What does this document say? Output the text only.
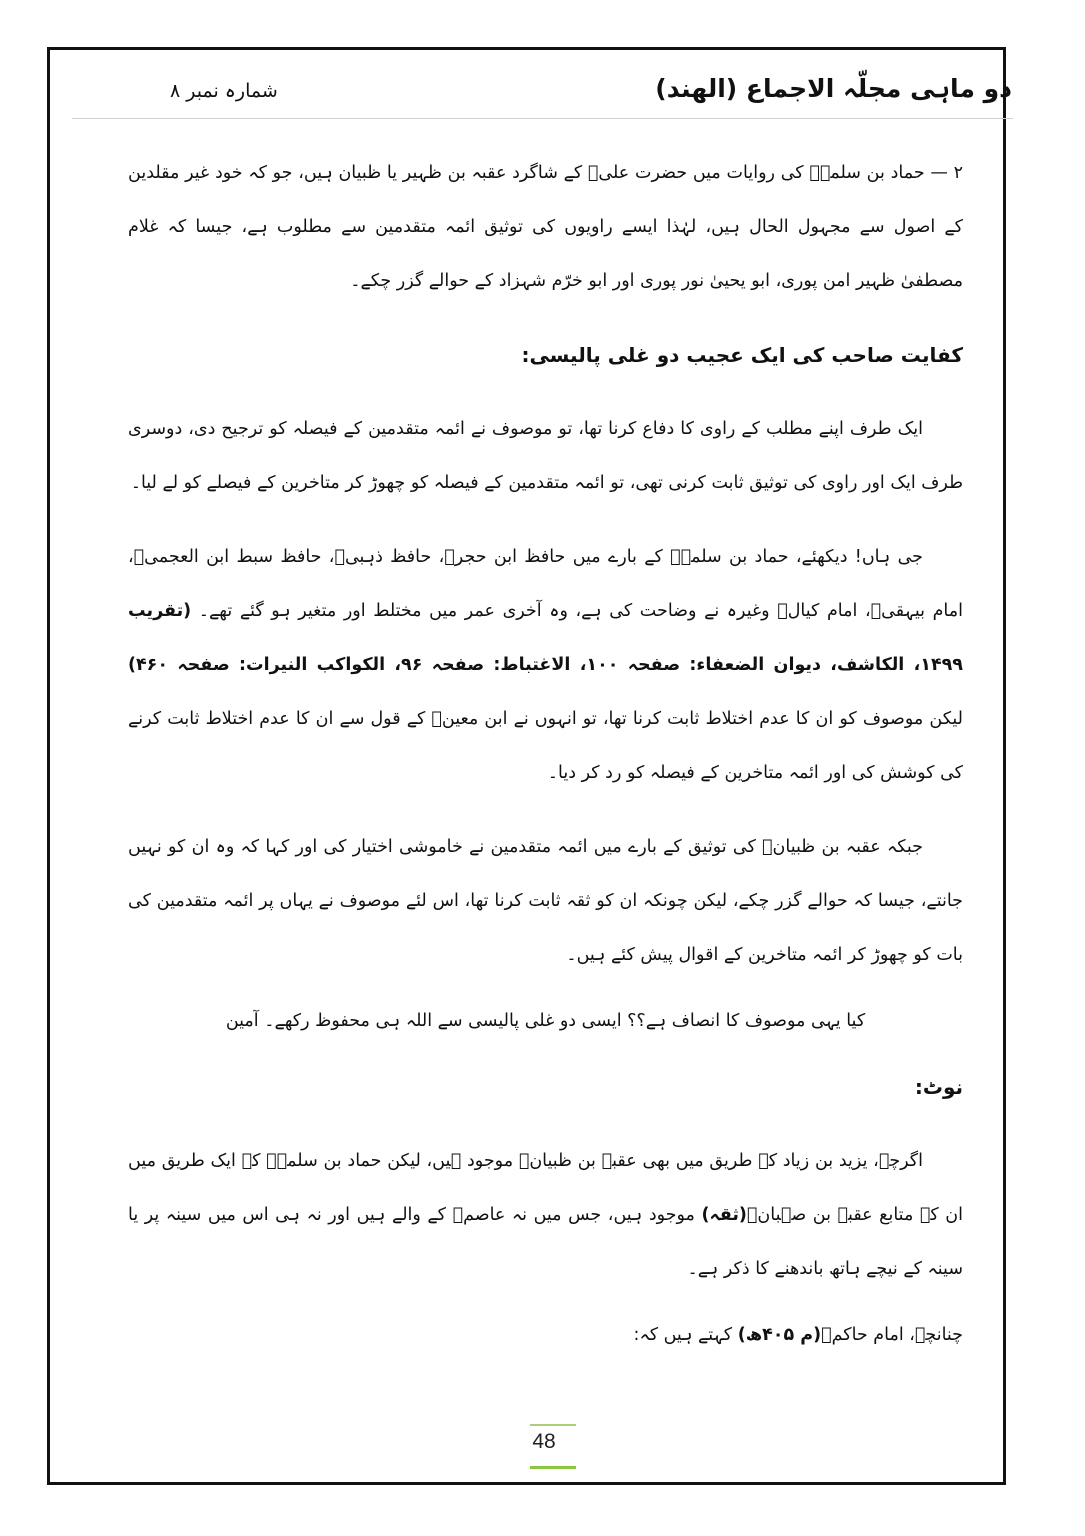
دو ماہی مجلّہ الاجماع (الھند)
شمارہ نمبر ۸

۲ — حماد بن سلمہؒ کی روایات میں حضرت علیؓ کے شاگرد عقبہ بن ظہیر یا ظبیان ہیں، جو کہ خود غیر مقلدین کے اصول سے مجہول الحال ہیں، لہٰذا ایسے راویوں کی توثیق ائمہ متقدمین سے مطلوب ہے، جیسا کہ غلام مصطفیٰ ظہیر امن پوری، ابو یحییٰ نور پوری اور ابو خرّم شہزاد کے حوالے گزر چکے۔

کفایت صاحب کی ایک عجیب دو غلی پالیسی:

ایک طرف اپنے مطلب کے راوی کا دفاع کرنا تھا، تو موصوف نے ائمہ متقدمین کے فیصلہ کو ترجیح دی، دوسری طرف ایک اور راوی کی توثیق ثابت کرنی تھی، تو ائمہ متقدمین کے فیصلہ کو چھوڑ کر متاخرین کے فیصلے کو لے لیا۔

جی ہاں! دیکھئے، حماد بن سلمہؒ کے بارے میں حافظ ابن حجرؒ، حافظ ذہبیؒ، حافظ سبط ابن العجمیؒ، امام بیہقیؒ، امام کیالؒ وغیرہ نے وضاحت کی ہے، وہ آخری عمر میں مختلط اور متغیر ہو گئے تھے۔ (تقریب ۱۴۹۹، الکاشف، دیوان الضعفاء: صفحہ ۱۰۰، الاغتباط: صفحہ ۹۶، الکواکب النیرات: صفحہ ۴۶۰) لیکن موصوف کو ان کا عدم اختلاط ثابت کرنا تھا، تو انہوں نے ابن معینؒ کے قول سے ان کا عدم اختلاط ثابت کرنے کی کوشش کی اور ائمہ متاخرین کے فیصلہ کو رد کر دیا۔

جبکہ عقبہ بن ظبیانؒ کی توثیق کے بارے میں ائمہ متقدمین نے خاموشی اختیار کی اور کہا کہ وہ ان کو نہیں جانتے، جیسا کہ حوالے گزر چکے، لیکن چونکہ ان کو ثقہ ثابت کرنا تھا، اس لئے موصوف نے یہاں پر ائمہ متقدمین کی بات کو چھوڑ کر ائمہ متاخرین کے اقوال پیش کئے ہیں۔

کیا یہی موصوف کا انصاف ہے؟؟ ایسی دو غلی پالیسی سے اللہ ہی محفوظ رکھے۔ آمین

نوٹ:

اگرچہ، یزید بن زیاد کے طریق میں بھی عقبہ بن ظبیانؒ موجود ہیں، لیکن حماد بن سلمہؒ کے ایک طریق میں ان کے متابع عقبہ بن صہبانؒ(ثقہ) موجود ہیں، جس میں نہ عاصمؒ کے والے ہیں اور نہ ہی اس میں سینہ پر یا سینہ کے نیچے ہاتھ باندھنے کا ذکر ہے۔

چنانچہ، امام حاکمؒ(م ۴۰۵ھ) کہتے ہیں کہ:

48
